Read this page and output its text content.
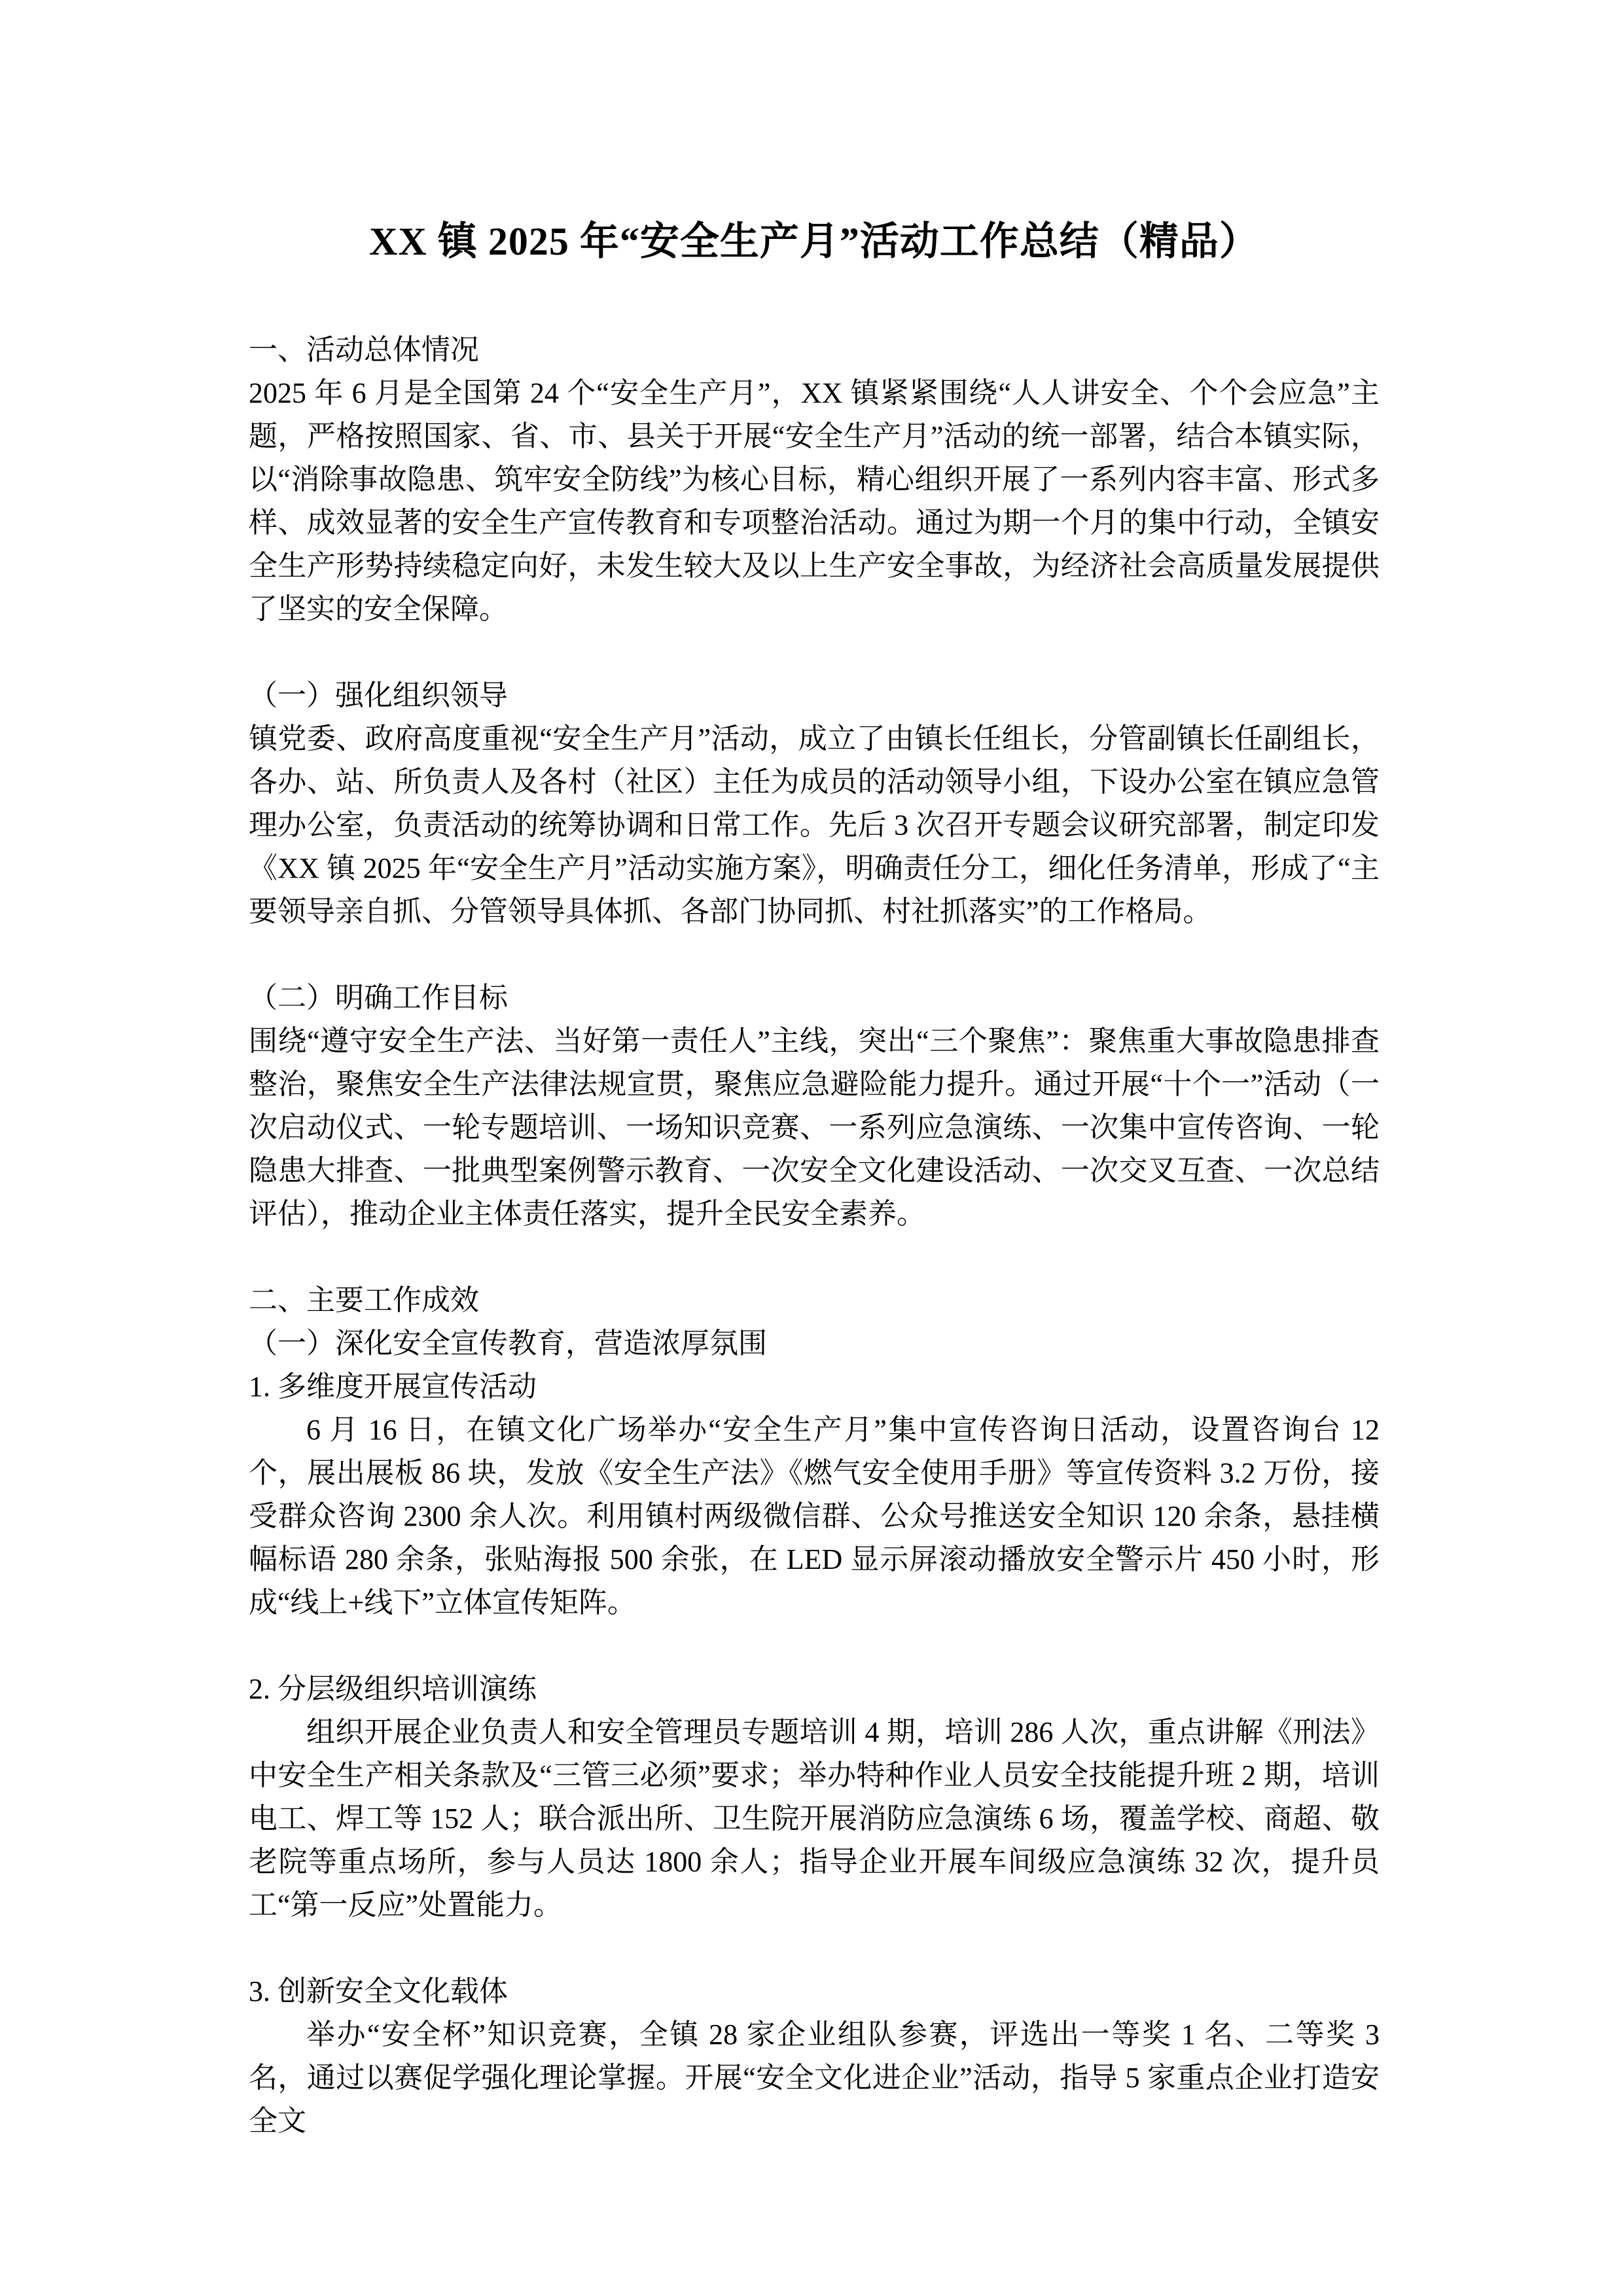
XX 镇 2025 年“安全生产月”活动工作总结（精品）
一、活动总体情况

2025 年 6 月是全国第 24 个“安全生产月”，XX 镇紧紧围绕“人人讲安全、个个会应急”主题，严格按照国家、省、市、县关于开展“安全生产月”活动的统一部署，结合本镇实际，以“消除事故隐患、筑牢安全防线”为核心目标，精心组织开展了一系列内容丰富、形式多样、成效显著的安全生产宣传教育和专项整治活动。通过为期一个月的集中行动，全镇安全生产形势持续稳定向好，未发生较大及以上生产安全事故，为经济社会高质量发展提供了坚实的安全保障。

（一）强化组织领导

镇党委、政府高度重视“安全生产月”活动，成立了由镇长任组长，分管副镇长任副组长，各办、站、所负责人及各村（社区）主任为成员的活动领导小组，下设办公室在镇应急管理办公室，负责活动的统筹协调和日常工作。先后 3 次召开专题会议研究部署，制定印发《XX 镇 2025 年“安全生产月”活动实施方案》，明确责任分工，细化任务清单，形成了“主要领导亲自抓、分管领导具体抓、各部门协同抓、村社抓落实”的工作格局。

（二）明确工作目标

围绕“遵守安全生产法、当好第一责任人”主线，突出“三个聚焦”：聚焦重大事故隐患排查整治，聚焦安全生产法律法规宣贯，聚焦应急避险能力提升。通过开展“十个一”活动（一次启动仪式、一轮专题培训、一场知识竞赛、一系列应急演练、一次集中宣传咨询、一轮隐患大排查、一批典型案例警示教育、一次安全文化建设活动、一次交叉互查、一次总结评估），推动企业主体责任落实，提升全民安全素养。

二、主要工作成效
（一）深化安全宣传教育，营造浓厚氛围
1. 多维度开展宣传活动

6 月 16 日，在镇文化广场举办“安全生产月”集中宣传咨询日活动，设置咨询台 12 个，展出展板 86 块，发放《安全生产法》《燃气安全使用手册》等宣传资料 3.2 万份，接受群众咨询 2300 余人次。利用镇村两级微信群、公众号推送安全知识 120 余条，悬挂横幅标语 280 余条，张贴海报 500 余张，在 LED 显示屏滚动播放安全警示片 450 小时，形成“线上+线下”立体宣传矩阵。

2. 分层级组织培训演练

组织开展企业负责人和安全管理员专题培训 4 期，培训 286 人次，重点讲解《刑法》中安全生产相关条款及“三管三必须”要求；举办特种作业人员安全技能提升班 2 期，培训电工、焊工等 152 人；联合派出所、卫生院开展消防应急演练 6 场，覆盖学校、商超、敬老院等重点场所，参与人员达 1800 余人；指导企业开展车间级应急演练 32 次，提升员工“第一反应”处置能力。

3. 创新安全文化载体

举办“安全杯”知识竞赛，全镇 28 家企业组队参赛，评选出一等奖 1 名、二等奖 3 名，通过以赛促学强化理论掌握。开展“安全文化进企业”活动，指导 5 家重点企业打造安全文
